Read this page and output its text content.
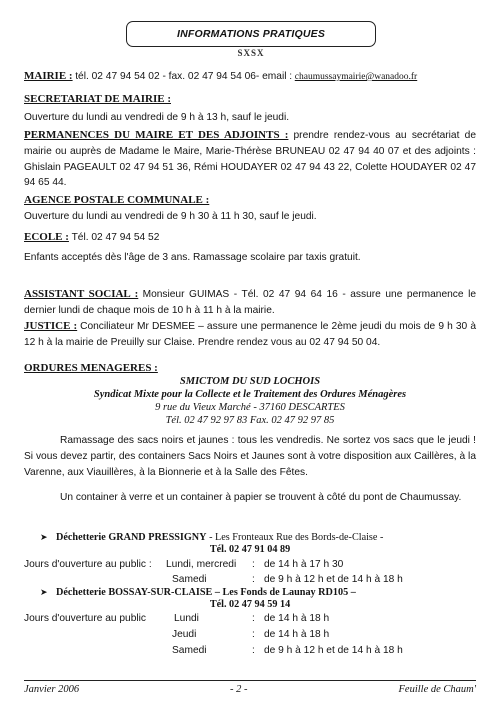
INFORMATIONS PRATIQUES
SXSX
MAIRIE : tél. 02 47 94 54 02 - fax. 02 47 94 54 06- email : chaumussaymairie@wanadoo.fr
SECRETARIAT DE MAIRIE :
Ouverture du lundi au vendredi de 9 h à 13 h, sauf le jeudi.
PERMANENCES DU MAIRE ET DES ADJOINTS : prendre rendez-vous au secrétariat de mairie ou auprès de Madame le Maire, Marie-Thérèse BRUNEAU 02 47 94 40 07 et des adjoints : Ghislain PAGEAULT 02 47 94 51 36, Rémi HOUDAYER 02 47 94 43 22, Colette HOUDAYER 02 47 94 65 44.
AGENCE POSTALE COMMUNALE :
Ouverture du lundi au vendredi de 9 h 30 à 11 h 30, sauf le jeudi.
ECOLE : Tél. 02 47 94 54 52
Enfants acceptés dès l'âge de 3 ans. Ramassage scolaire par taxis gratuit.
ASSISTANT SOCIAL : Monsieur GUIMAS - Tél. 02 47 94 64 16 - assure une permanence le dernier lundi de chaque mois de 10 h à 11 h à la mairie.
JUSTICE : Conciliateur Mr DESMEE – assure une permanence le 2ème jeudi du mois de 9 h 30 à 12 h à la mairie de Preuilly sur Claise. Prendre rendez vous au 02 47 94 50 04.
ORDURES MENAGERES :
SMICTOM DU SUD LOCHOIS
Syndicat Mixte pour la Collecte et le Traitement des Ordures Ménagères
9 rue du Vieux Marché - 37160 DESCARTES
Tél. 02 47 92 97 83 Fax. 02 47 92 97 85
Ramassage des sacs noirs et jaunes : tous les vendredis. Ne sortez vos sacs que le jeudi ! Si vous devez partir, des containers Sacs Noirs et Jaunes sont à votre disposition aux Caillères, à la Varenne, aux Viauillères, à la Bionnerie et à la Salle des Fêtes.
Un container à verre et un container à papier se trouvent à côté du pont de Chaumussay.
➤ Déchetterie GRAND PRESSIGNY - Les Fronteaux Rue des Bords-de-Claise -
Tél. 02 47 91 04 89
Jours d'ouverture au public : Lundi, mercredi : de 14 h à 17 h 30
Samedi	: de 9 h à 12 h et de 14 h à 18 h
➤ Déchetterie BOSSAY-SUR-CLAISE – Les Fonds de Launay RD105 –
Tél. 02 47 94 59 14
Jours d'ouverture au public	Lundi	: de 14 h à 18 h
Jeudi	: de 14 h à 18 h
Samedi	: de 9 h à 12 h et de 14 h à 18 h
Janvier 2006	- 2 -	Feuille de Chaum'
